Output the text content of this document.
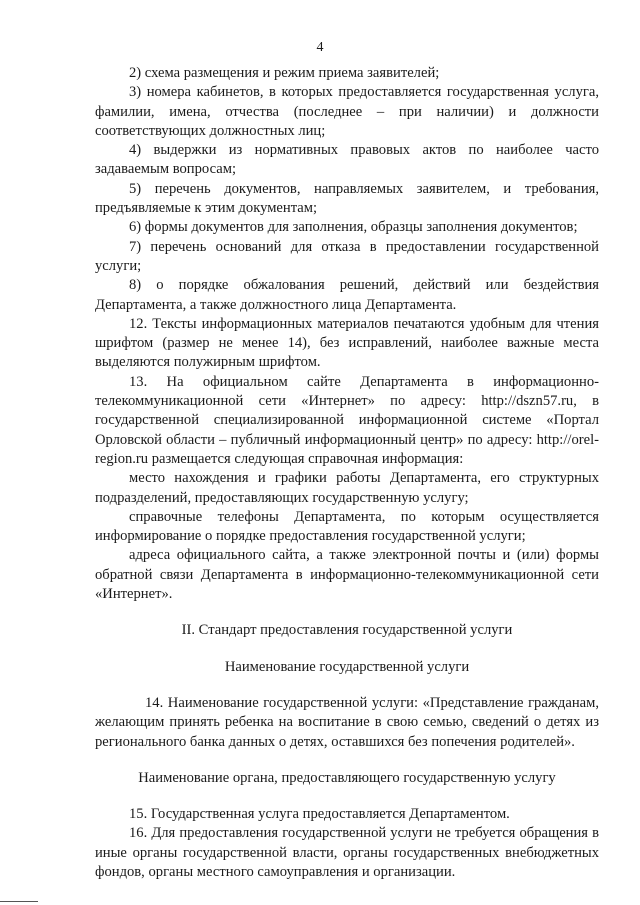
4

2) схема размещения и режим приема заявителей;

3) номера кабинетов, в которых предоставляется государственная услуга, фамилии, имена, отчества (последнее – при наличии) и должности соответствующих должностных лиц;

4) выдержки из нормативных правовых актов по наиболее часто задаваемым вопросам;

5) перечень документов, направляемых заявителем, и требования, предъявляемые к этим документам;

6) формы документов для заполнения, образцы заполнения документов;

7) перечень оснований для отказа в предоставлении государственной услуги;

8) о порядке обжалования решений, действий или бездействия Департамента, а также должностного лица Департамента.

12. Тексты информационных материалов печатаются удобным для чтения шрифтом (размер не менее 14), без исправлений, наиболее важные места выделяются полужирным шрифтом.

13. На официальном сайте Департамента в информационно-телекоммуникационной сети «Интернет» по адресу: http://dszn57.ru, в государственной специализированной информационной системе «Портал Орловской области – публичный информационный центр» по адресу: http://orel-region.ru размещается следующая справочная информация:

место нахождения и графики работы Департамента, его структурных подразделений, предоставляющих государственную услугу;

справочные телефоны Департамента, по которым осуществляется информирование о порядке предоставления государственной услуги;

адреса официального сайта, а также электронной почты и (или) формы обратной связи Департамента в информационно-телекоммуникационной сети «Интернет».

II. Стандарт предоставления государственной услуги

Наименование государственной услуги

14. Наименование государственной услуги: «Представление гражданам, желающим принять ребенка на воспитание в свою семью, сведений о детях из регионального банка данных о детях, оставшихся без попечения родителей».

Наименование органа, предоставляющего государственную услугу

15. Государственная услуга предоставляется Департаментом.

16. Для предоставления государственной услуги не требуется обращения в иные органы государственной власти, органы государственных внебюджетных фондов, органы местного самоуправления и организации.
